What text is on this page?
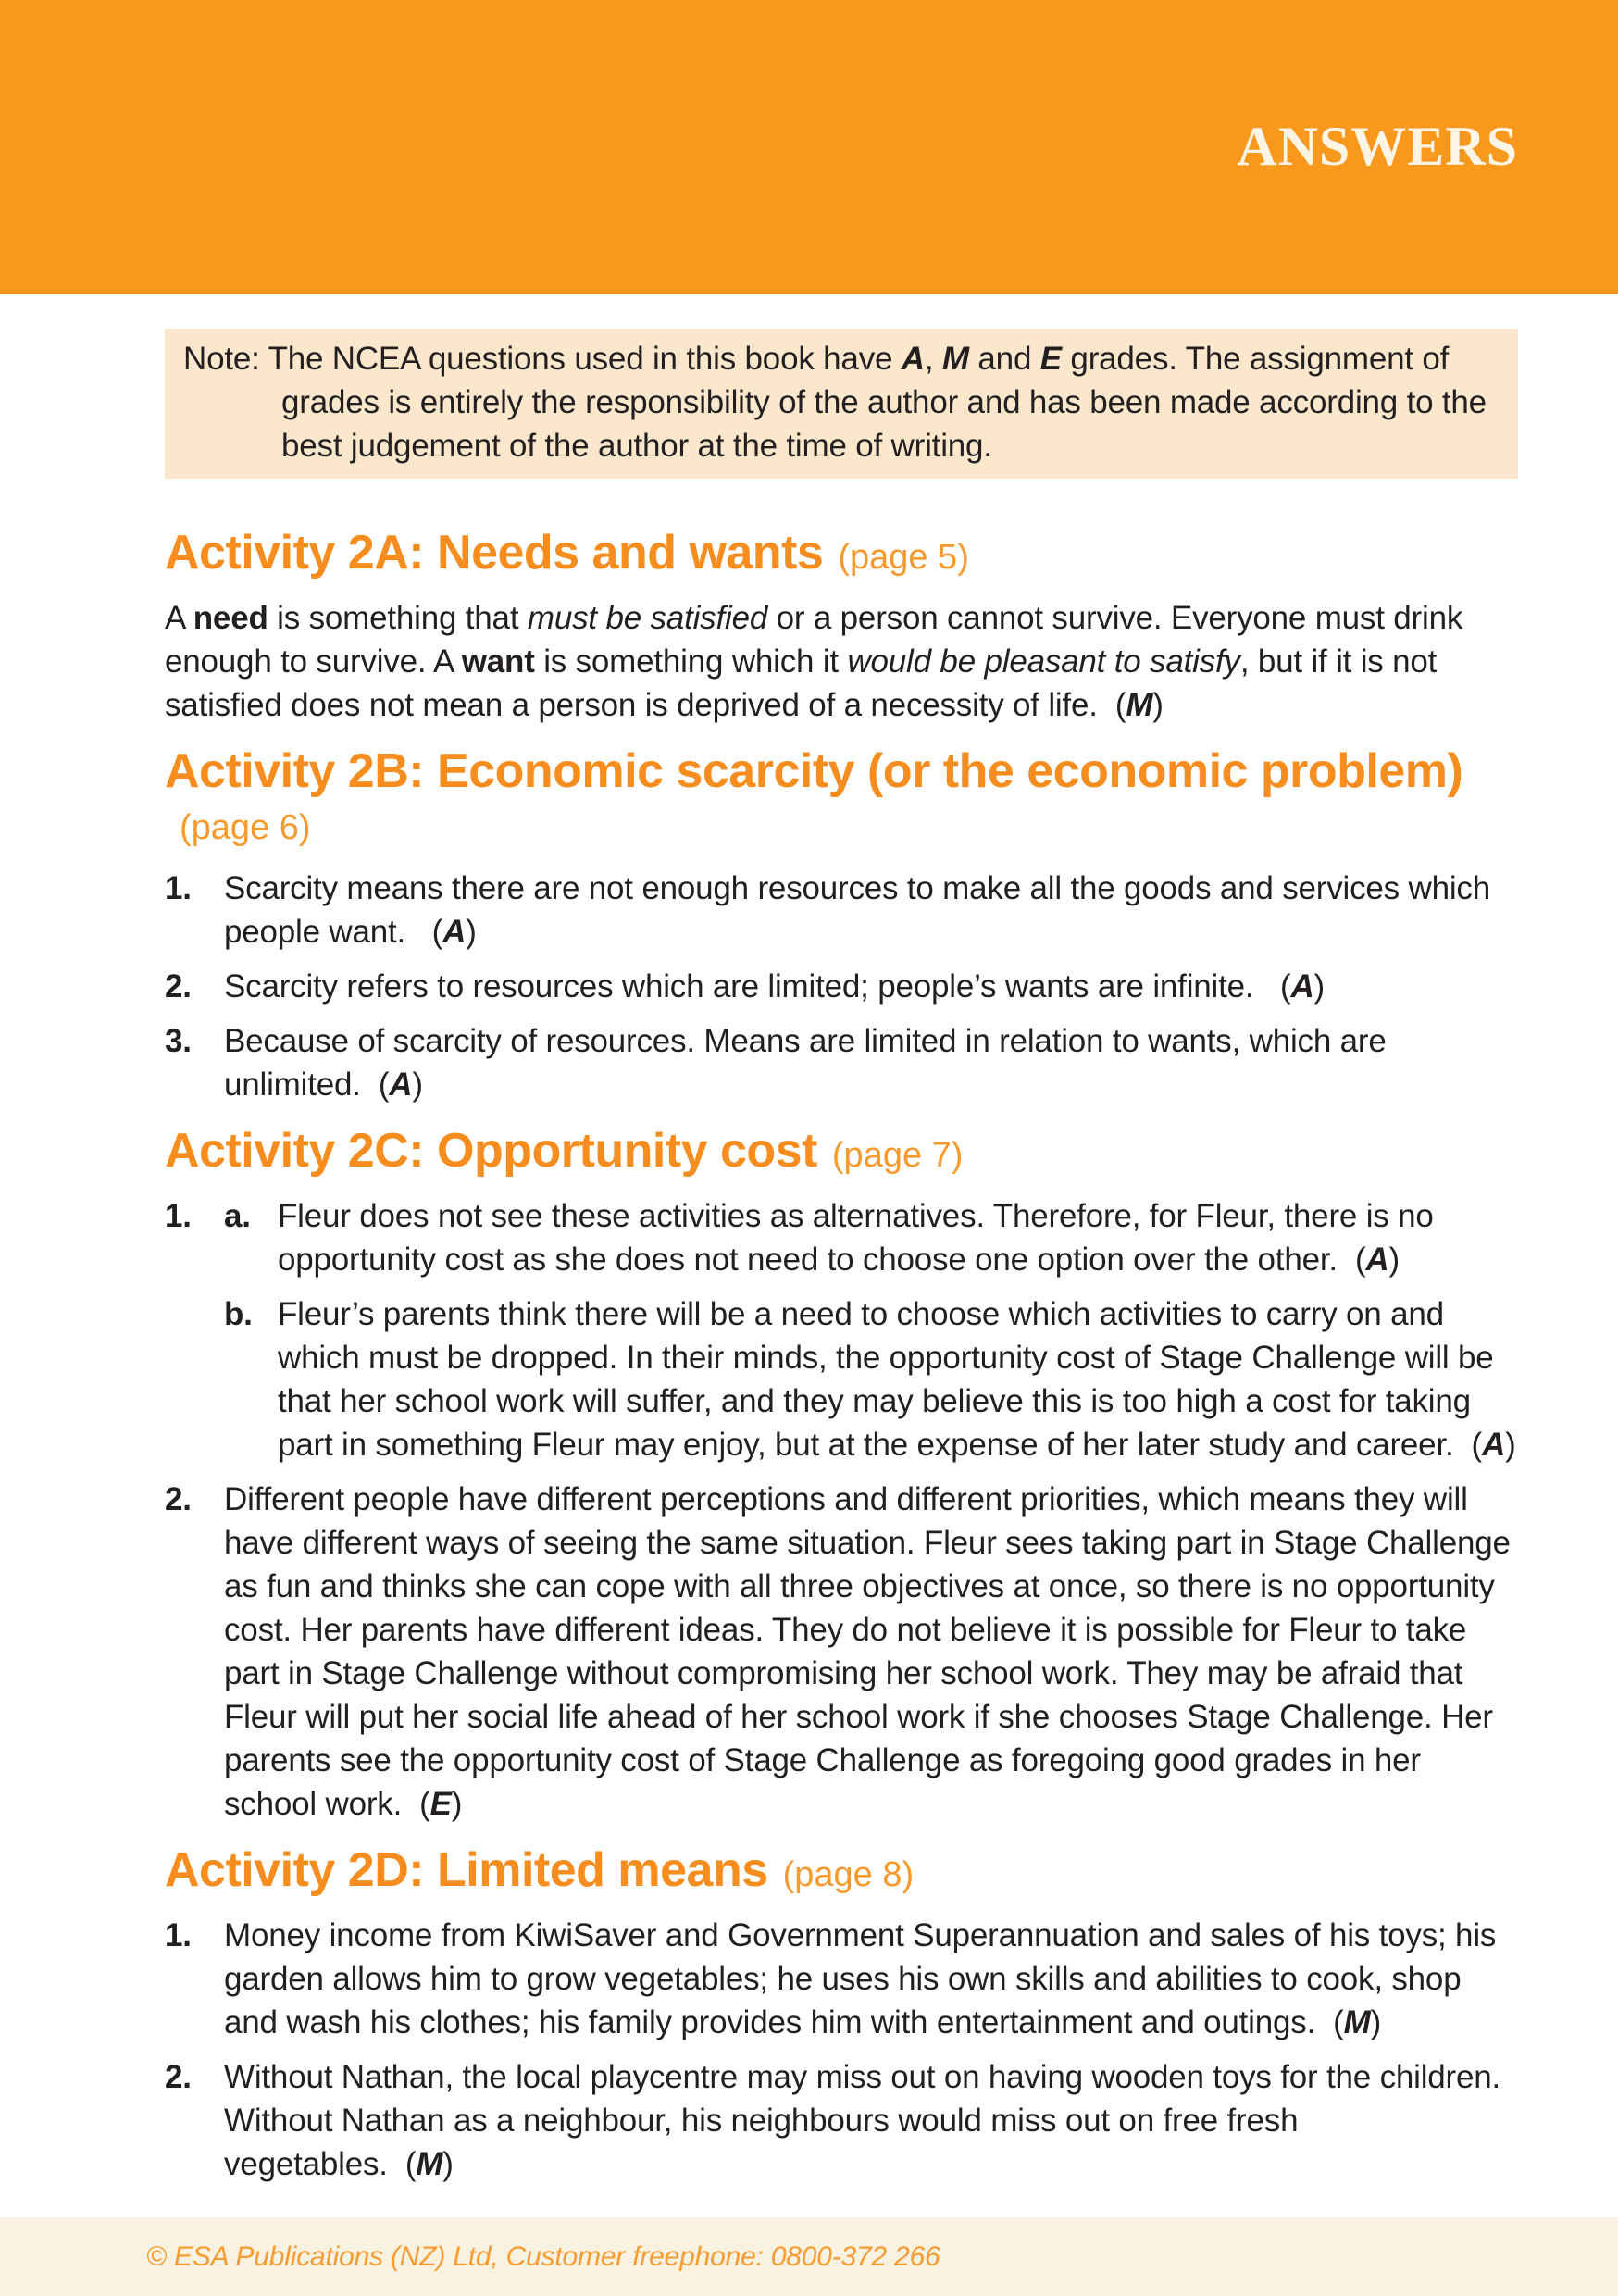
ANSWERS

Note: The NCEA questions used in this book have A, M and E grades. The assignment of grades is entirely the responsibility of the author and has been made according to the best judgement of the author at the time of writing.

Activity 2A: Needs and wants (page 5)

A need is something that must be satisfied or a person cannot survive. Everyone must drink enough to survive. A want is something which it would be pleasant to satisfy, but if it is not satisfied does not mean a person is deprived of a necessity of life.  (M)

Activity 2B: Economic scarcity (or the economic problem)(page 6)
1.	Scarcity means there are not enough resources to make all the goods and services which people want.   (A)

2.	Scarcity refers to resources which are limited; people’s wants are infinite.   (A)

3.	Because of scarcity of resources. Means are limited in relation to wants, which are unlimited.  (A)

Activity 2C: Opportunity cost (page 7)
1.	a. Fleur does not see these activities as alternatives. Therefore, for Fleur, there is no opportunity cost as she does not need to choose one option over the other.  (A)

b. Fleur’s parents think there will be a need to choose which activities to carry on and which must be dropped. In their minds, the opportunity cost of Stage Challenge will be that her school work will suffer, and they may believe this is too high a cost for taking part in something Fleur may enjoy, but at the expense of her later study and career.  (A)

2.	Different people have different perceptions and different priorities, which means they will have different ways of seeing the same situation. Fleur sees taking part in Stage Challenge as fun and thinks she can cope with all three objectives at once, so there is no opportunity cost. Her parents have different ideas. They do not believe it is possible for Fleur to take part in Stage Challenge without compromising her school work. They may be afraid that Fleur will put her social life ahead of her school work if she chooses Stage Challenge. Her parents see the opportunity cost of Stage Challenge as foregoing good grades in her school work.  (E)

Activity 2D: Limited means (page 8)
1.	Money income from KiwiSaver and Government Superannuation and sales of his toys; his garden allows him to grow vegetables; he uses his own skills and abilities to cook, shop and wash his clothes; his family provides him with entertainment and outings.  (M)

2.	Without Nathan, the local playcentre may miss out on having wooden toys for the children. Without Nathan as a neighbour, his neighbours would miss out on free fresh vegetables.  (M)

© ESA Publications (NZ) Ltd, Customer freephone: 0800-372 266
